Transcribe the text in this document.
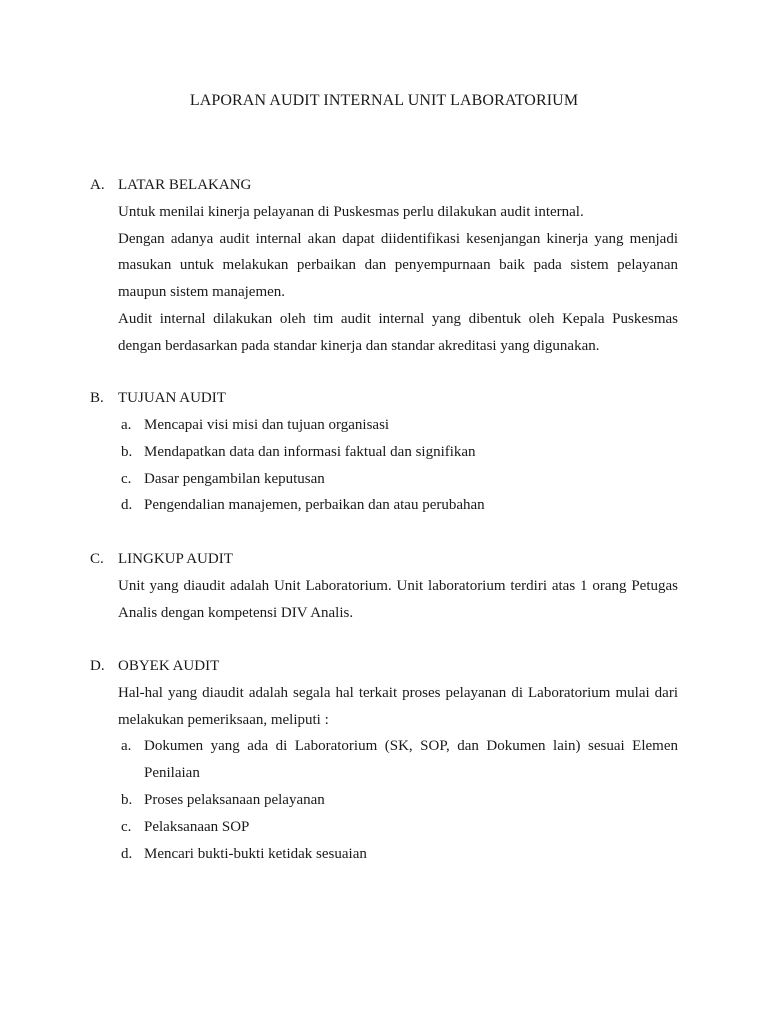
LAPORAN AUDIT INTERNAL UNIT LABORATORIUM
A. LATAR BELAKANG
Untuk menilai kinerja pelayanan di Puskesmas perlu dilakukan audit internal.
Dengan adanya audit internal akan dapat diidentifikasi kesenjangan kinerja yang menjadi masukan untuk melakukan perbaikan dan penyempurnaan baik pada sistem pelayanan maupun sistem manajemen.
Audit internal dilakukan oleh tim audit internal yang dibentuk oleh Kepala Puskesmas dengan berdasarkan pada standar kinerja dan standar akreditasi yang digunakan.
B. TUJUAN AUDIT
a. Mencapai visi misi dan tujuan organisasi
b. Mendapatkan data dan informasi faktual dan signifikan
c. Dasar pengambilan keputusan
d. Pengendalian manajemen, perbaikan dan atau perubahan
C. LINGKUP AUDIT
Unit yang diaudit adalah Unit Laboratorium. Unit laboratorium terdiri atas 1 orang Petugas Analis dengan kompetensi DIV Analis.
D. OBYEK AUDIT
Hal-hal yang diaudit adalah segala hal terkait proses pelayanan di Laboratorium mulai dari melakukan pemeriksaan, meliputi :
a. Dokumen yang ada di Laboratorium (SK, SOP, dan Dokumen lain) sesuai Elemen Penilaian
b. Proses pelaksanaan pelayanan
c. Pelaksanaan SOP
d. Mencari bukti-bukti ketidak sesuaian
